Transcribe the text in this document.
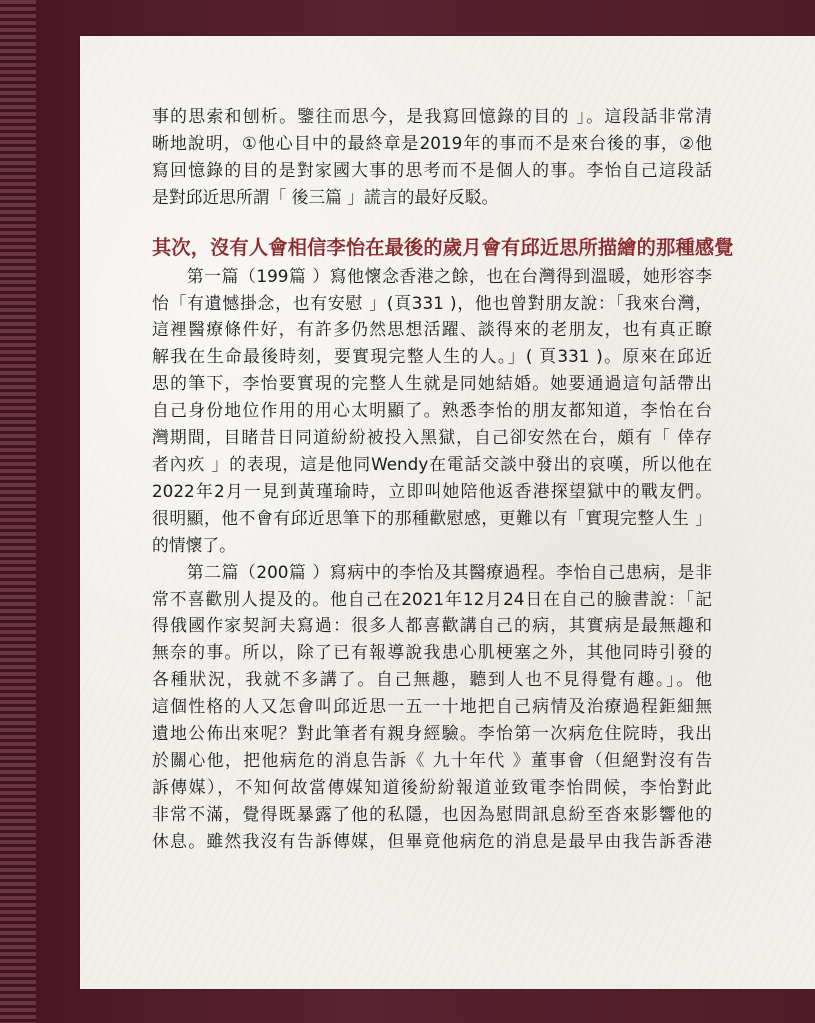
事的思索和刨析。鑒往而思今，是我寫回憶錄的目的 」。這段話非常清
晰地說明，①他心目中的最終章是2019年的事而不是來台後的事，②他
寫回憶錄的目的是對家國大事的思考而不是個人的事。李怡自己這段話
是對邱近思所謂「 後三篇 」謊言的最好反駁。
其次，沒有人會相信李怡在最後的歲月會有邱近思所描繪的那種感覺
　　第一篇（199篇 ）寫他懷念香港之餘，也在台灣得到溫暖，她形容李
怡「有遺憾掛念，也有安慰 」(頁331 )，他也曾對朋友說：「我來台灣，
這裡醫療條件好，有許多仍然思想活躍、談得來的老朋友，也有真正瞭
解我在生命最後時刻，要實現完整人生的人。」( 頁331 )。原來在邱近
思的筆下，李怡要實現的完整人生就是同她結婚。她要通過這句話帶出
自己身份地位作用的用心太明顯了。熟悉李怡的朋友都知道，李怡在台
灣期間，目睹昔日同道紛紛被投入黑獄，自己卻安然在台，頗有「 倖存
者內疚 」的表現，這是他同Wendy在電話交談中發出的哀嘆，所以他在
2022年2月一見到黃瑾瑜時，立即叫她陪他返香港探望獄中的戰友們。
很明顯，他不會有邱近思筆下的那種歡慰感，更難以有「實現完整人生 」
的情懷了。
　　第二篇（200篇 ）寫病中的李怡及其醫療過程。李怡自己患病，是非
常不喜歡別人提及的。他自己在2021年12月24日在自己的臉書說：「記
得俄國作家契訶夫寫過：很多人都喜歡講自己的病，其實病是最無趣和
無奈的事。所以，除了已有報導說我患心肌梗塞之外，其他同時引發的
各種狀況，我就不多講了。自己無趣，聽到人也不見得覺有趣。」。他
這個性格的人又怎會叫邱近思一五一十地把自己病情及治療過程鉅細無
遺地公佈出來呢？對此筆者有親身經驗。李怡第一次病危住院時，我出
於關心他，把他病危的消息告訴《 九十年代 》董事會（但絕對沒有告
訴傳媒），不知何故當傳媒知道後紛紛報道並致電李怡問候，李怡對此
非常不滿，覺得既暴露了他的私隱，也因為慰問訊息紛至沓來影響他的
休息。雖然我沒有告訴傳媒，但畢竟他病危的消息是最早由我告訴香港
